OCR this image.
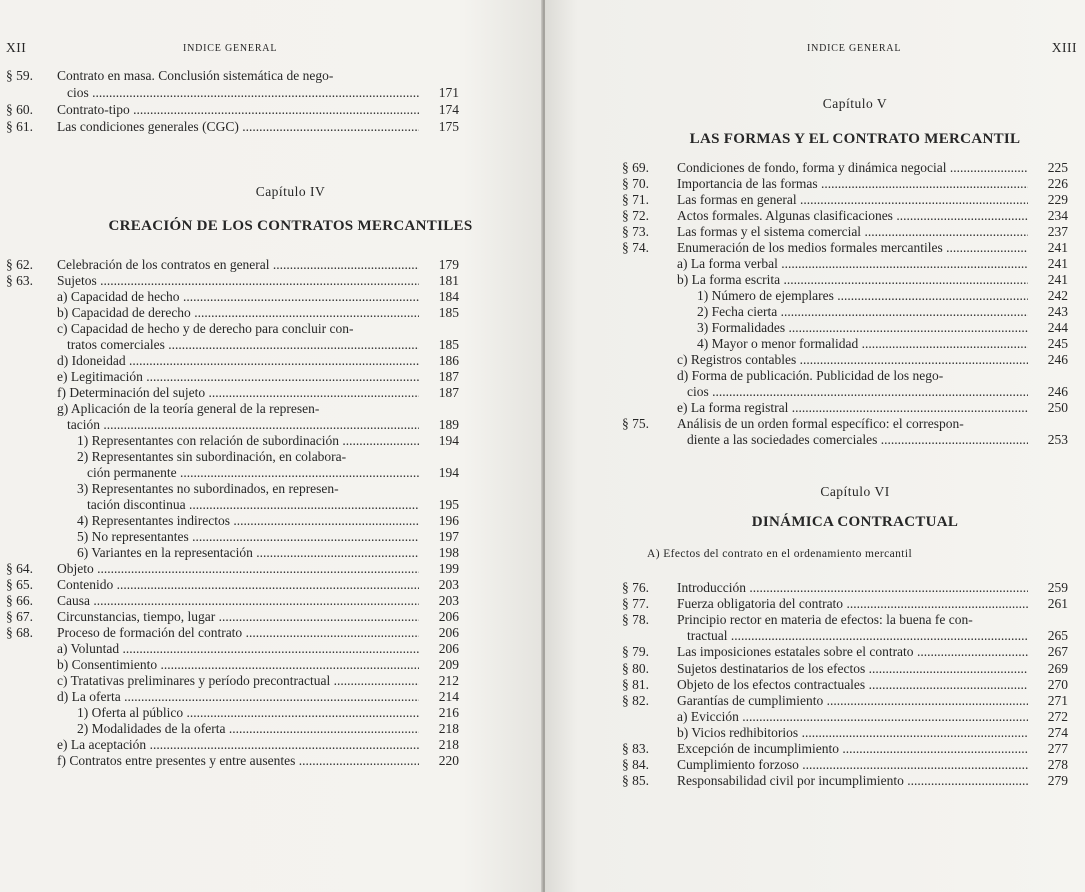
XII	INDICE GENERAL
§ 59. Contrato en masa. Conclusión sistemática de nego-
cios .....	171
§ 60. Contrato-tipo .....	174
§ 61. Las condiciones generales (CGC) .....	175
Capítulo IV
CREACIÓN DE LOS CONTRATOS MERCANTILES
§ 62. Celebración de los contratos en general .....	179
§ 63. Sujetos .....	181
a) Capacidad de hecho .....	184
b) Capacidad de derecho .....	185
c) Capacidad de hecho y de derecho para concluir con-
tratos comerciales .....	185
d) Idoneidad .....	186
e) Legitimación .....	187
f) Determinación del sujeto .....	187
g) Aplicación de la teoría general de la represen-
tación .....	189
1) Representantes con relación de subordinación .....	194
2) Representantes sin subordinación, en colabora-
ción permanente .....	194
3) Representantes no subordinados, en represen-
tación discontinua .....	195
4) Representantes indirectos .....	196
5) No representantes .....	197
6) Variantes en la representación .....	198
§ 64. Objeto .....	199
§ 65. Contenido .....	203
§ 66. Causa .....	203
§ 67. Circunstancias, tiempo, lugar .....	206
§ 68. Proceso de formación del contrato .....	206
a) Voluntad .....	206
b) Consentimiento .....	209
c) Tratativas preliminares y período precontractual .....	212
d) La oferta .....	214
1) Oferta al público .....	216
2) Modalidades de la oferta .....	218
e) La aceptación .....	218
f) Contratos entre presentes y entre ausentes .....	220
XIII
INDICE GENERAL
Capítulo V
LAS FORMAS Y EL CONTRATO MERCANTIL
§ 69. Condiciones de fondo, forma y dinámica negocial .....	225
§ 70. Importancia de las formas .....	226
§ 71. Las formas en general .....	229
§ 72. Actos formales. Algunas clasificaciones .....	234
§ 73. Las formas y el sistema comercial .....	237
§ 74. Enumeración de los medios formales mercantiles .....	241
a) La forma verbal .....	241
b) La forma escrita .....	241
1) Número de ejemplares .....	242
2) Fecha cierta .....	243
3) Formalidades .....	244
4) Mayor o menor formalidad .....	245
c) Registros contables .....	246
d) Forma de publicación. Publicidad de los nego-
cios .....	246
e) La forma registral .....	250
§ 75. Análisis de un orden formal específico: el correspon-
diente a las sociedades comerciales .....	253
Capítulo VI
DINÁMICA CONTRACTUAL
A) Efectos del contrato en el ordenamiento mercantil
§ 76. Introducción .....	259
§ 77. Fuerza obligatoria del contrato .....	261
§ 78. Principio rector en materia de efectos: la buena fe con-
tractual .....	265
§ 79. Las imposiciones estatales sobre el contrato .....	267
§ 80. Sujetos destinatarios de los efectos .....	269
§ 81. Objeto de los efectos contractuales .....	270
§ 82. Garantías de cumplimiento .....	271
a) Evicción .....	272
b) Vicios redhibitorios .....	274
§ 83. Excepción de incumplimiento .....	277
§ 84. Cumplimiento forzoso .....	278
§ 85. Responsabilidad civil por incumplimiento .....	279
